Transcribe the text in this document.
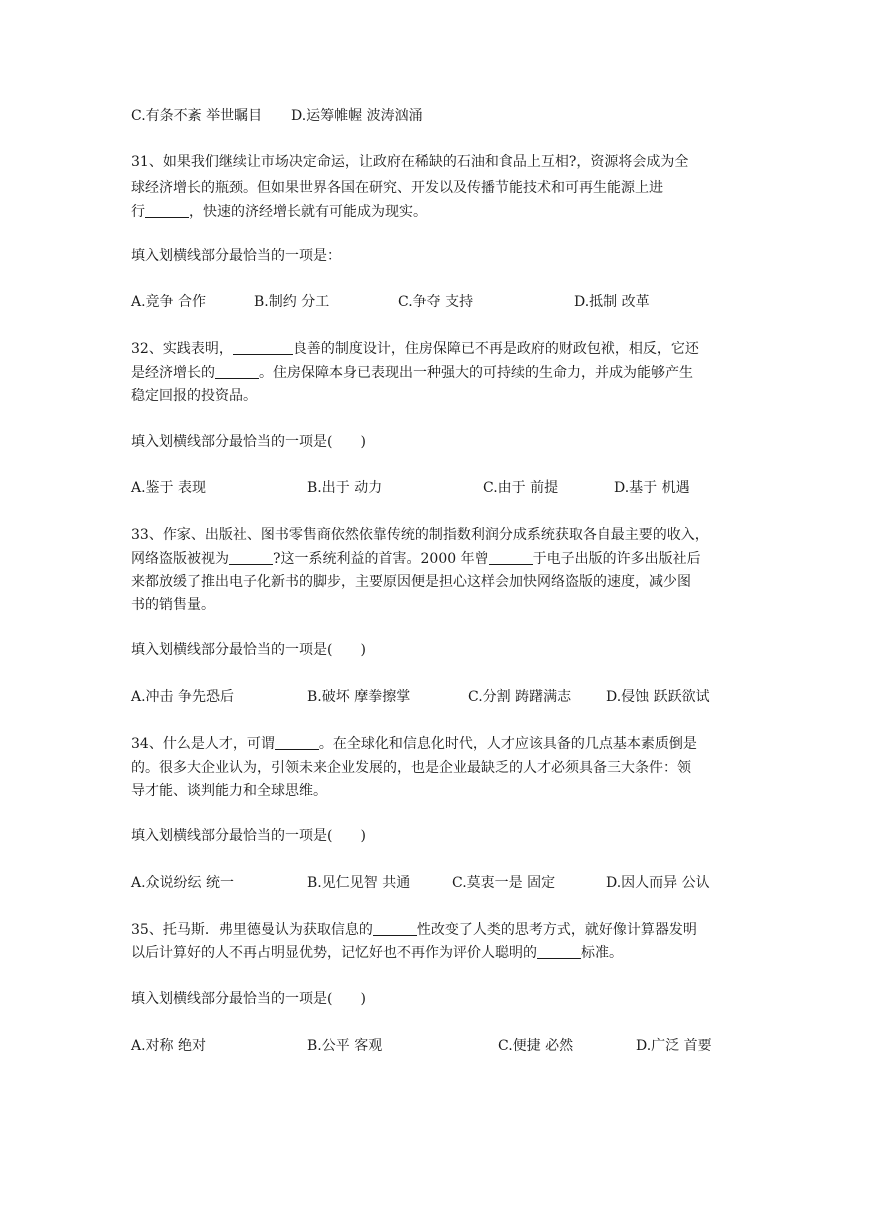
C.有条不紊 举世瞩目 D.运筹帷幄 波涛汹涌
31、如果我们继续让市场决定命运，让政府在稀缺的石油和食品上互相?，资源将会成为全
球经济增长的瓶颈。但如果世界各国在研究、开发以及传播节能技术和可再生能源上进
行	，快速的济经增长就有可能成为现实。
填入划横线部分最恰当的一项是：
A.竞争 合作	B.制约 分工	C.争夺 支持	D.抵制 改革
32、实践表明，	良善的制度设计，住房保障已不再是政府的财政包袱，相反，它还
是经济增长的	。住房保障本身已表现出一种强大的可持续的生命力，并成为能够产生
稳定回报的投资品。
填入划横线部分最恰当的一项是(　　)
A.鉴于 表现	B.出于 动力	C.由于 前提	D.基于 机遇
33、作家、出版社、图书零售商依然依靠传统的制指数利润分成系统获取各自最主要的收入，
网络盗版被视为	?这一系统利益的首害。2000 年曾	于电子出版的许多出版社后
来都放缓了推出电子化新书的脚步，主要原因便是担心这样会加快网络盗版的速度，减少图
书的销售量。
填入划横线部分最恰当的一项是(　　)
A.冲击 争先恐后	B.破坏 摩拳擦掌	C.分割 踌躇满志 D.侵蚀 跃跃欲试
34、什么是人才，可谓	。在全球化和信息化时代，人才应该具备的几点基本素质倒是
的。很多大企业认为，引领未来企业发展的，也是企业最缺乏的人才必须具备三大条件：领
导才能、谈判能力和全球思维。
填入划横线部分最恰当的一项是(　　)
A.众说纷纭 统一	B.见仁见智 共通	C.莫衷一是 固定	D.因人而异 公认
35、托马斯．弗里德曼认为获取信息的	性改变了人类的思考方式，就好像计算器发明
以后计算好的人不再占明显优势，记忆好也不再作为评价人聪明的	标准。
填入划横线部分最恰当的一项是(　　)
A.对称 绝对	B.公平 客观	C.便捷 必然	D.广泛 首要
